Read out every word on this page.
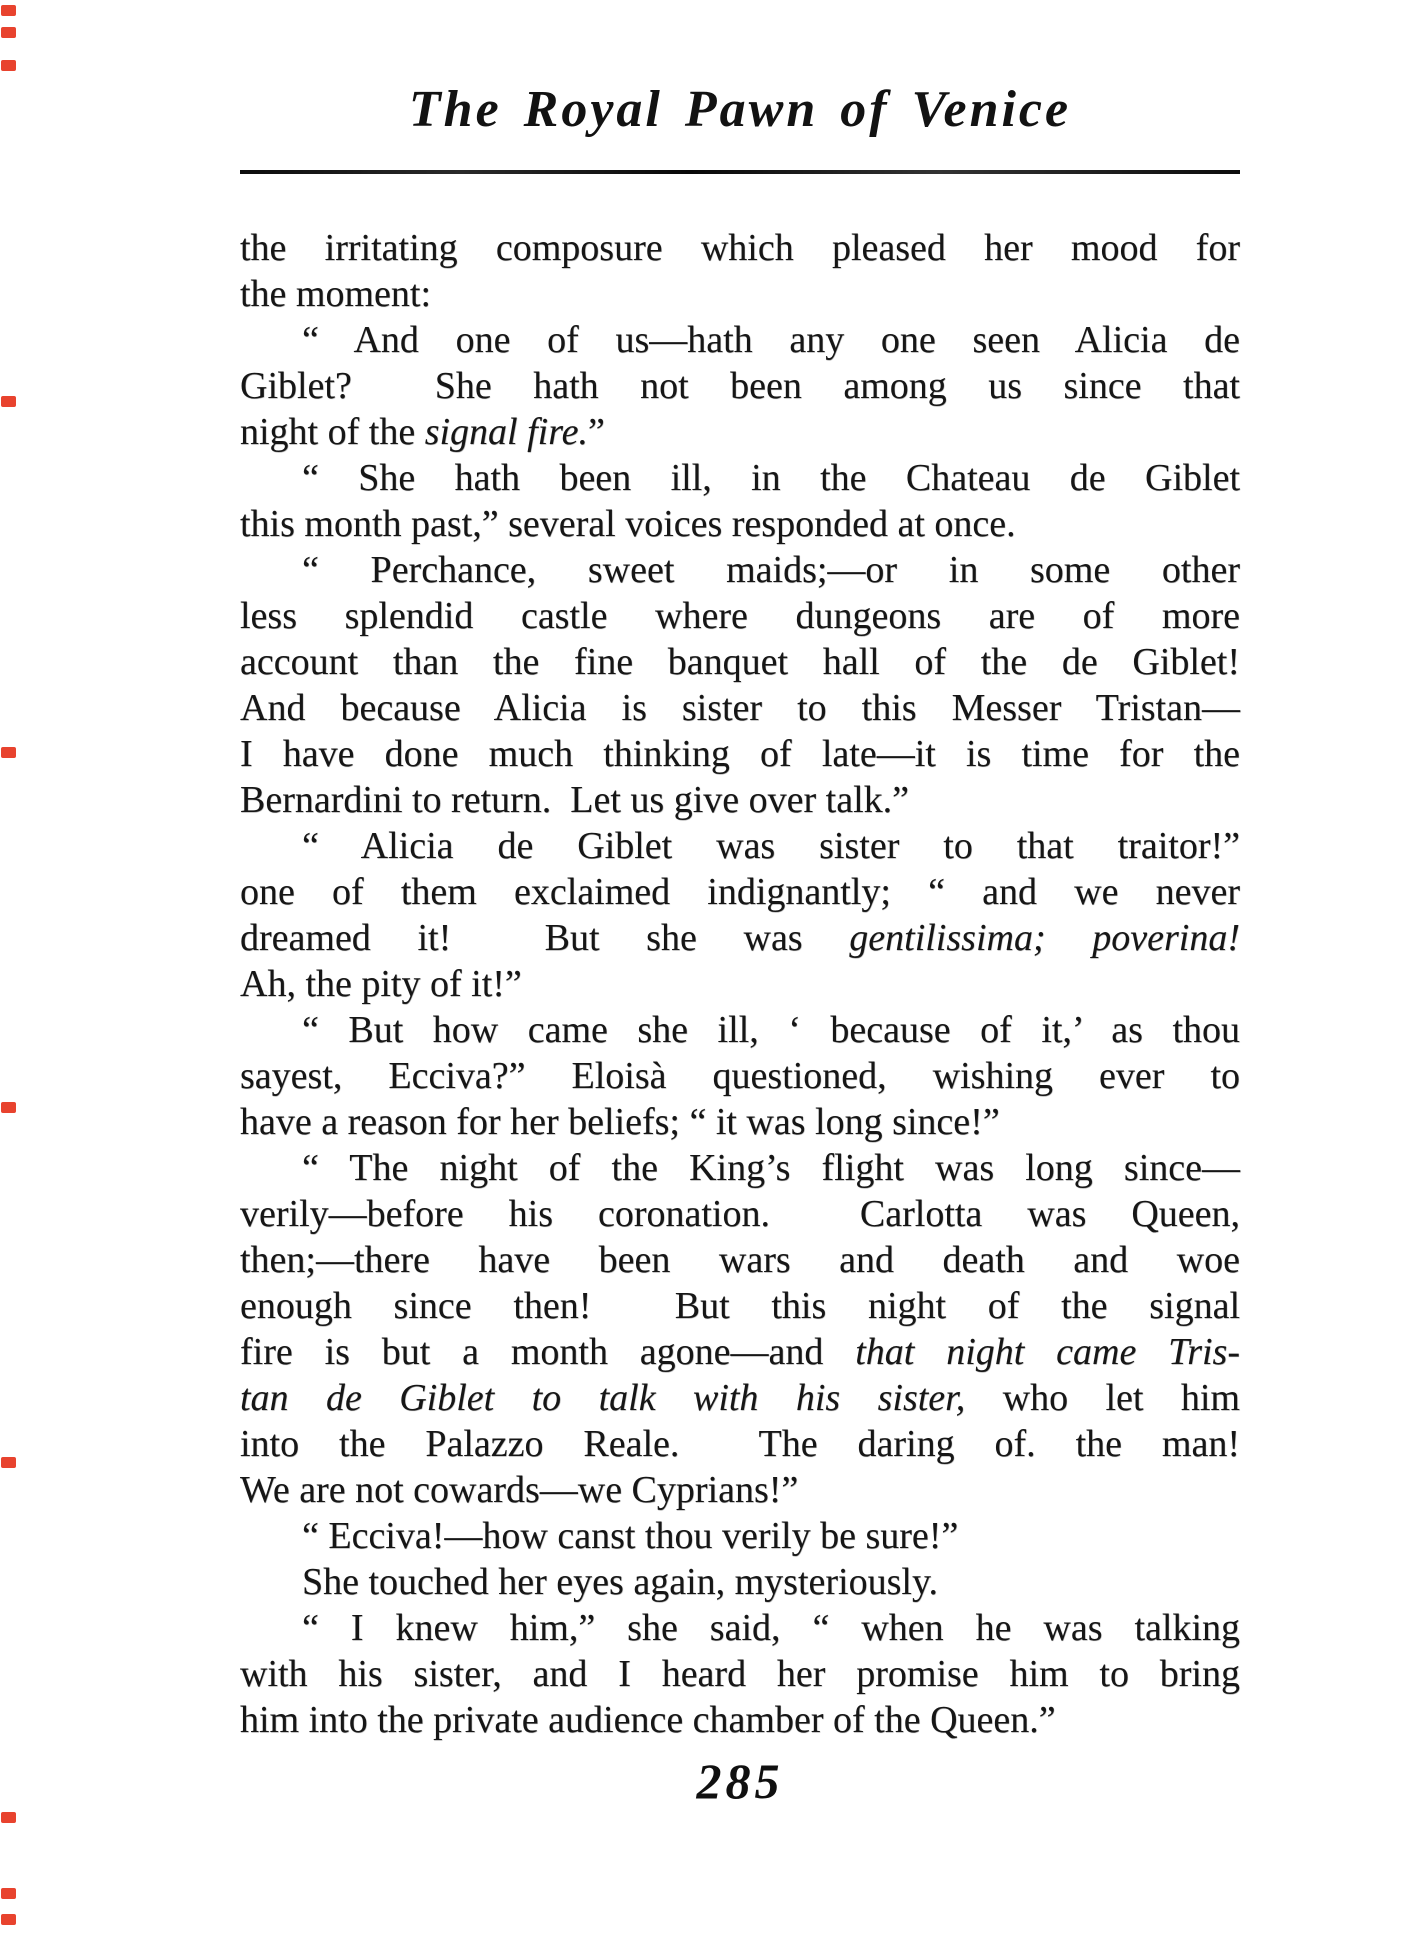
The Royal Pawn of Venice
the irritating composure which pleased her mood for
the moment:
“ And one of us—hath any one seen Alicia de
Giblet?  She hath not been among us since that
night of the signal fire.”
“ She hath been ill, in the Chateau de Giblet
this month past,” several voices responded at once.
“ Perchance, sweet maids;—or in some other
less splendid castle where dungeons are of more
account than the fine banquet hall of the de Giblet!
And because Alicia is sister to this Messer Tristan—
I have done much thinking of late—it is time for the
Bernardini to return.  Let us give over talk.”
“ Alicia de Giblet was sister to that traitor!”
one of them exclaimed indignantly; “ and we never
dreamed it!  But she was gentilissima; poverina!
Ah, the pity of it!”
“ But how came she ill, ‘ because of it,’ as thou
sayest, Ecciva?” Eloisà questioned, wishing ever to
have a reason for her beliefs; “ it was long since!”
“ The night of the King’s flight was long since—
verily—before his coronation.  Carlotta was Queen,
then;—there have been wars and death and woe
enough since then!  But this night of the signal
fire is but a month agone—and that night came Tris-
tan de Giblet to talk with his sister, who let him
into the Palazzo Reale.  The daring of. the man!
We are not cowards—we Cyprians!”
“ Ecciva!—how canst thou verily be sure!”
She touched her eyes again, mysteriously.
“ I knew him,” she said, “ when he was talking
with his sister, and I heard her promise him to bring
him into the private audience chamber of the Queen.”
285
